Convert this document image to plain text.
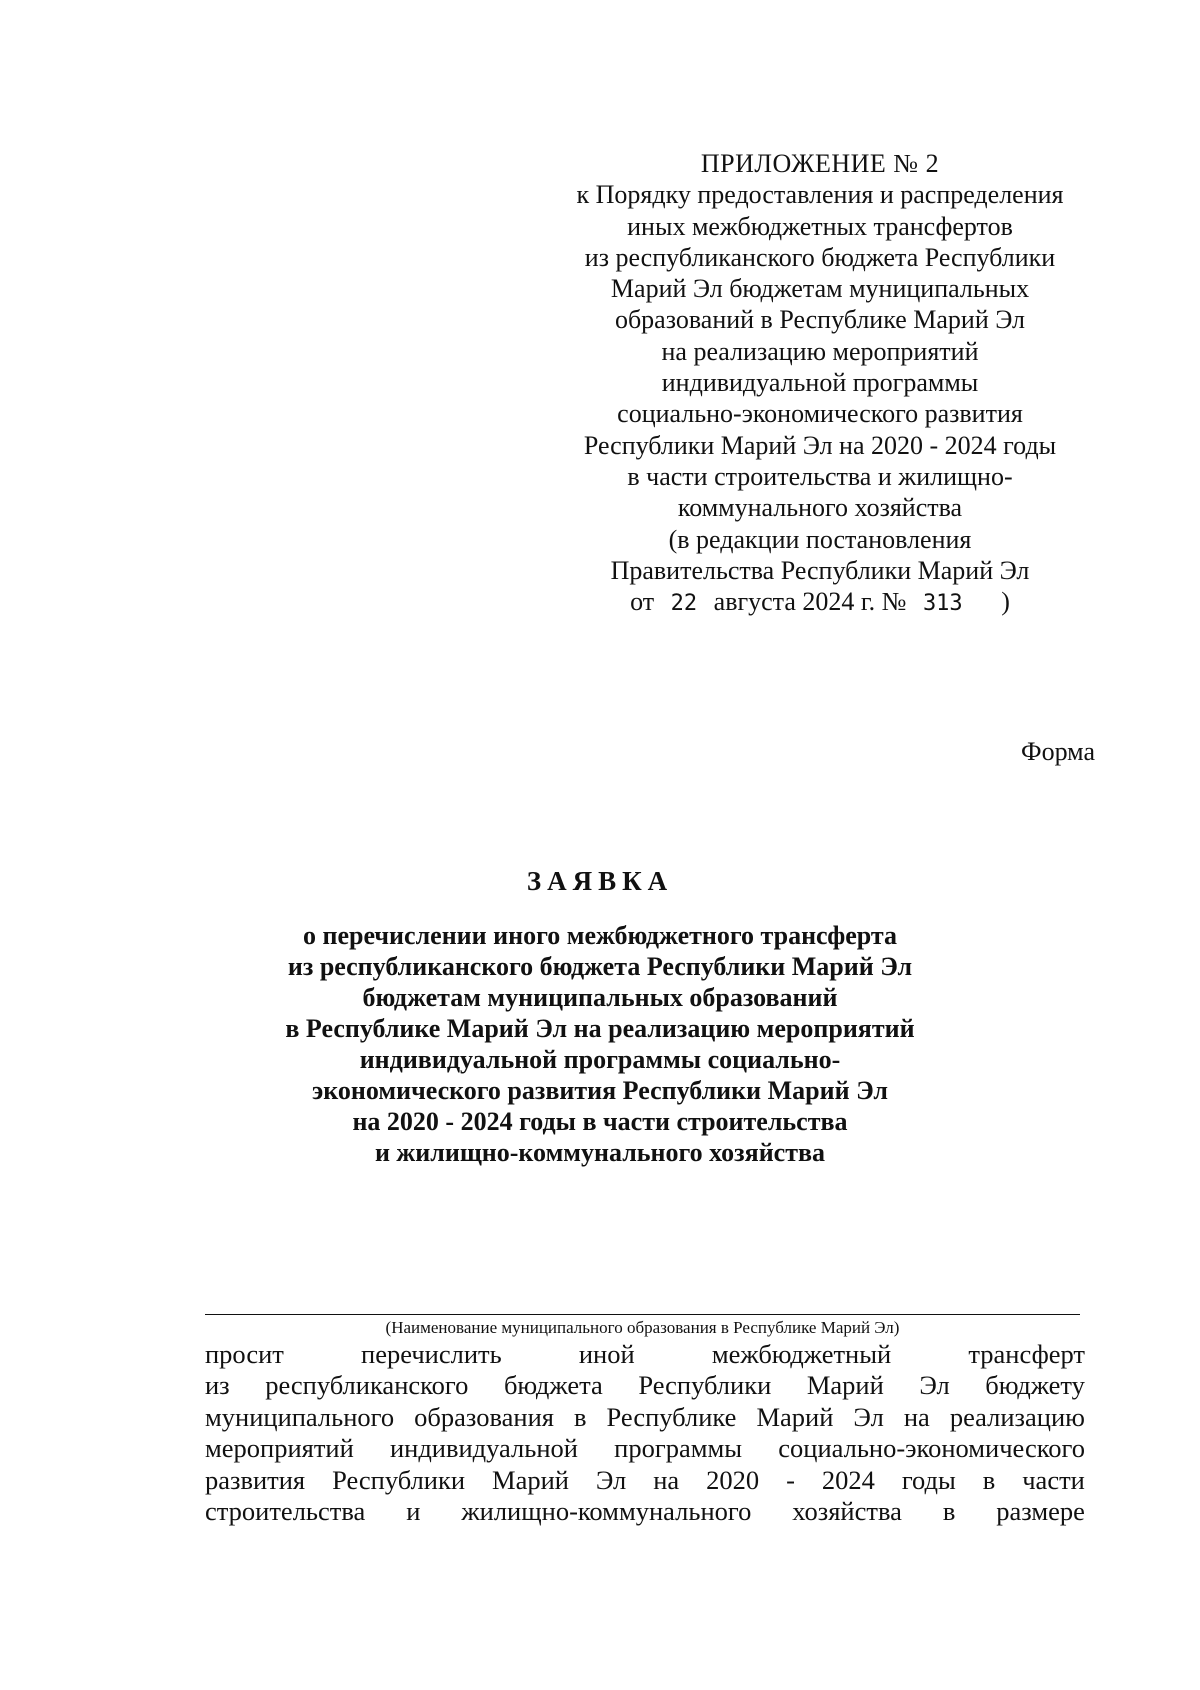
ПРИЛОЖЕНИЕ № 2
к Порядку предоставления и распределения
иных межбюджетных трансфертов
из республиканского бюджета Республики
Марий Эл бюджетам муниципальных
образований в Республике Марий Эл
на реализацию мероприятий
индивидуальной программы
социально-экономического развития
Республики Марий Эл на 2020 - 2024 годы
в части строительства и жилищно-
коммунального хозяйства
(в редакции постановления
Правительства Республики Марий Эл
от 22 августа 2024 г. № 313 )
Форма
ЗАЯВКА
о перечислении иного межбюджетного трансферта
из республиканского бюджета Республики Марий Эл
бюджетам муниципальных образований
в Республике Марий Эл на реализацию мероприятий
индивидуальной программы социально-
экономического развития Республики Марий Эл
на 2020 - 2024 годы в части строительства
и жилищно-коммунального хозяйства
(Наименование муниципального образования в Республике Марий Эл)
просит	перечислить	иной	межбюджетный	трансферт
из республиканского бюджета Республики Марий Эл бюджету
муниципального образования в Республике Марий Эл на реализацию
мероприятий индивидуальной программы социально-экономического
развития Республики Марий Эл на 2020 - 2024 годы в части
строительства и жилищно-коммунального хозяйства в размере
